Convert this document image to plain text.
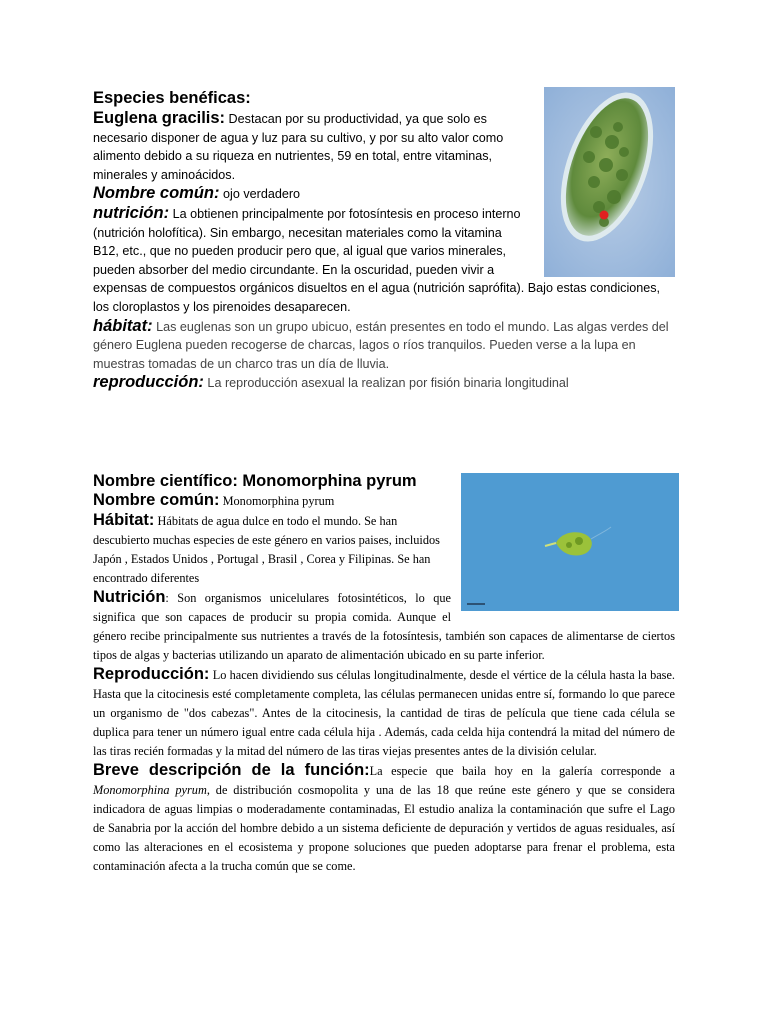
Especies benéficas:

Euglena gracilis: Destacan por su productividad, ya que solo es necesario disponer de agua y luz para su cultivo, y por su alto valor como alimento debido a su riqueza en nutrientes, 59 en total, entre vitaminas, minerales y aminoácidos.

Nombre común: ojo verdadero

nutrición: La obtienen principalmente por fotosíntesis en proceso interno (nutrición holofítica). Sin embargo, necesitan materiales como la vitamina B12, etc., que no pueden producir pero que, al igual que varios minerales, pueden absorber del medio circundante. En la oscuridad, pueden vivir a expensas de compuestos orgánicos disueltos en el agua (nutrición saprófita). Bajo estas condiciones, los cloroplastos y los pirenoides desaparecen.

hábitat: Las euglenas son un grupo ubicuo, están presentes en todo el mundo. Las algas verdes del género Euglena pueden recogerse de charcas, lagos o ríos tranquilos. Pueden verse a la lupa en muestras tomadas de un charco tras un día de lluvia.

reproducción: La reproducción asexual la realizan por fisión binaria longitudinal

Nombre científico: Monomorphina pyrum

Nombre común: Monomorphina pyrum

Hábitat: Hábitats de agua dulce en todo el mundo. Se han descubierto muchas especies de este género en varios paises, incluidos Japón , Estados Unidos , Portugal , Brasil , Corea y Filipinas. Se han encontrado diferentes

Nutrición: Son organismos unicelulares fotosintéticos, lo que significa que son capaces de producir su propia comida. Aunque el género recibe principalmente sus nutrientes a través de la fotosíntesis, también son capaces de alimentarse de ciertos tipos de algas y bacterias utilizando un aparato de alimentación ubicado en su parte inferior.

Reproducción: Lo hacen dividiendo sus células longitudinalmente, desde el vértice de la célula hasta la base. Hasta que la citocinesis esté completamente completa, las células permanecen unidas entre sí, formando lo que parece un organismo de "dos cabezas". Antes de la citocinesis, la cantidad de tiras de película que tiene cada célula se duplica para tener un número igual entre cada célula hija . Además, cada celda hija contendrá la mitad del número de las tiras recién formadas y la mitad del número de las tiras viejas presentes antes de la división celular.

Breve descripción de la función:La especie que baila hoy en la galería corresponde a Monomorphina pyrum, de distribución cosmopolita y una de las 18 que reúne este género y que se considera indicadora de aguas limpias o moderadamente contaminadas, El estudio analiza la contaminación que sufre el Lago de Sanabria por la acción del hombre debido a un sistema deficiente de depuración y vertidos de aguas residuales, así como las alteraciones en el ecosistema y propone soluciones que pueden adoptarse para frenar el problema, esta contaminación afecta a la trucha común que se come.
